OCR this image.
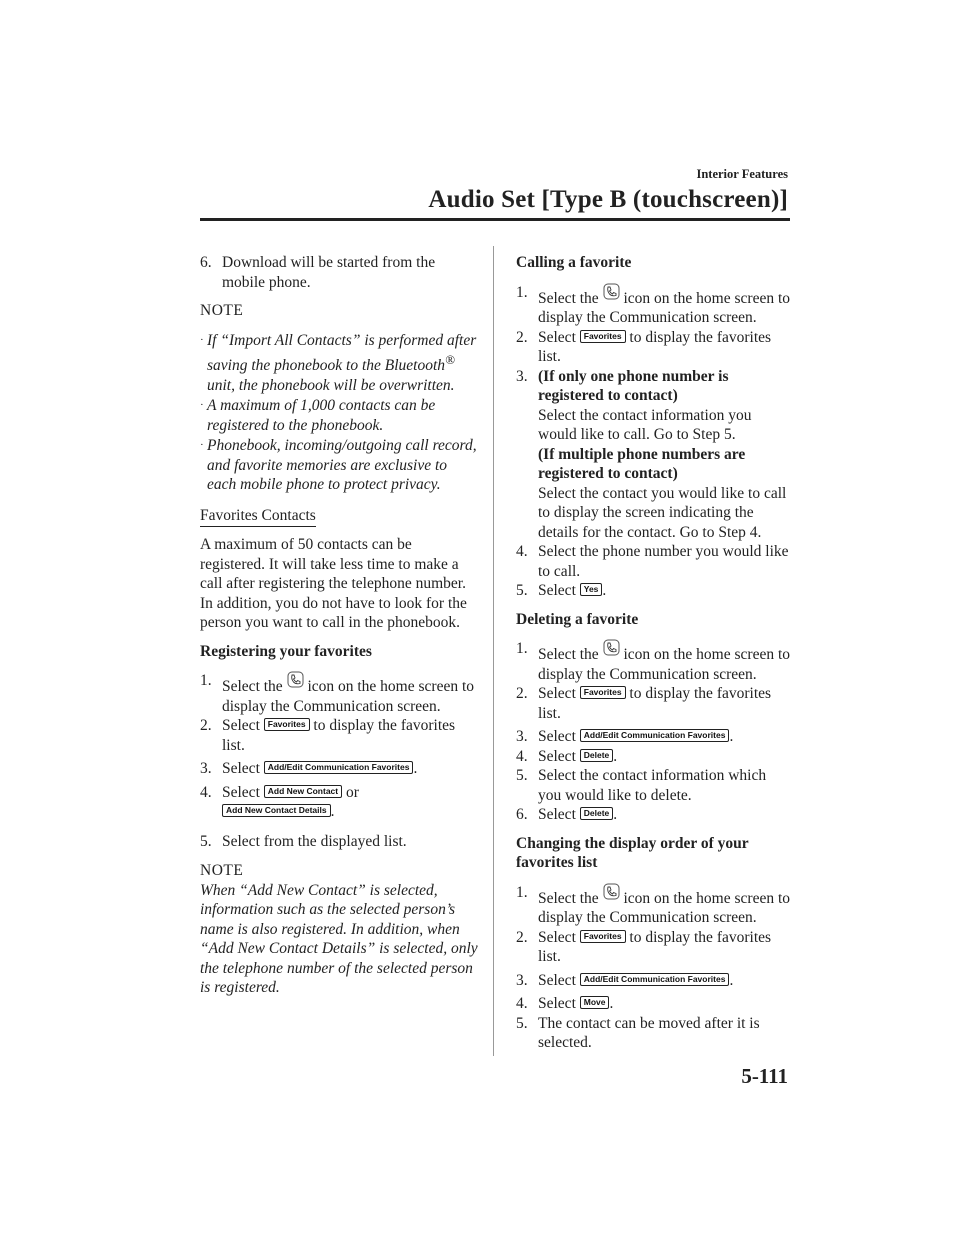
Interior Features
Audio Set [Type B (touchscreen)]
6. Download will be started from the mobile phone.
NOTE
· If “Import All Contacts” is performed after saving the phonebook to the Bluetooth® unit, the phonebook will be overwritten.
· A maximum of 1,000 contacts can be registered to the phonebook.
· Phonebook, incoming/outgoing call record, and favorite memories are exclusive to each mobile phone to protect privacy.
Favorites Contacts
A maximum of 50 contacts can be registered. It will take less time to make a call after registering the telephone number. In addition, you do not have to look for the person you want to call in the phonebook.
Registering your favorites
1. Select the  icon on the home screen to display the Communication screen.
2. Select Favorites to display the favorites list.
3. Select Add/Edit Communication Favorites .
4. Select Add New Contact or
Add New Contact Details .
5. Select from the displayed list.
NOTE
When “Add New Contact” is selected, information such as the selected person’s name is also registered. In addition, when “Add New Contact Details” is selected, only the telephone number of the selected person is registered.
Calling a favorite
1. Select the  icon on the home screen to display the Communication screen.
2. Select Favorites to display the favorites list.
3. (If only one phone number is registered to contact)
Select the contact information you would like to call. Go to Step 5.
(If multiple phone numbers are registered to contact)
Select the contact you would like to call to display the screen indicating the details for the contact. Go to Step 4.
4. Select the phone number you would like to call.
5. Select Yes .
Deleting a favorite
1. Select the  icon on the home screen to display the Communication screen.
2. Select Favorites to display the favorites list.
3. Select Add/Edit Communication Favorites .
4. Select Delete .
5. Select the contact information which you would like to delete.
6. Select Delete .
Changing the display order of your favorites list
1. Select the  icon on the home screen to display the Communication screen.
2. Select Favorites to display the favorites list.
3. Select Add/Edit Communication Favorites .
4. Select Move .
5. The contact can be moved after it is selected.
5-111
